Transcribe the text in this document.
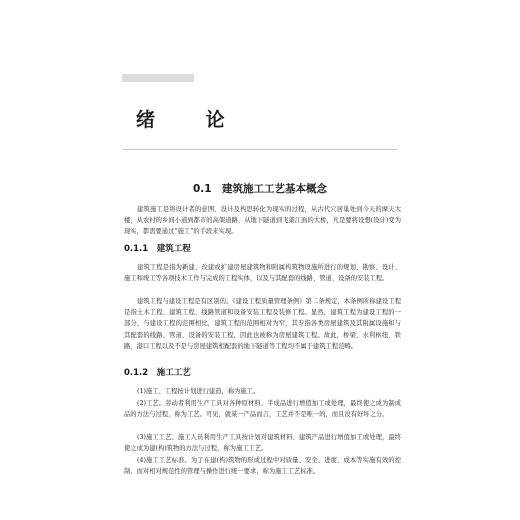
绪 论
0.1　建筑施工工艺基本概念

建筑施工是将设计者的意图、设计及构思转化为现实的过程，从古代穴居巢处到今天的摩天大楼，从农村的乡间小道到都市的高架道路，从地下隧道到飞架江面的大桥，凡是要将设想(设计)变为现实，都需要通过“施工”的手段来实现。

0.1.1　建筑工程

建筑工程是指为新建、改建或扩建房屋建筑物和附属构筑物设施所进行的规划、勘察、设计、施工和竣工等各项技术工作与完成的工程实体，以及与其配套的线路、管道、设备的安装工程。

建筑工程与建设工程是有区别的。《建设工程质量管理条例》第二条规定，本条例所称建设工程是指土木工程、建筑工程、线路管道和设备安装工程及装修工程。显然，建筑工程为建设工程的一部分，与建设工程的范围相比，建筑工程的范围相对为窄，其专指各类房屋建筑及其附属设施和与其配套的线路、管道、设备的安装工程，因此也被称为房屋建筑工程。故此，桥梁、水利枢纽、铁路、港口工程以及不是与房屋建筑相配套的地下隧道等工程均不属于建筑工程范畴。

0.1.2　施工工艺

(1)施工、工程按计划进行建造，称为施工。

(2)工艺。劳动者利用生产工具对各种原材料、半成品进行增值加工或处理，最终使之成为制成品的方法与过程，称为工艺。可见，就某一产品而言，工艺并不是唯一的，而且没有好坏之分。

(3)施工工艺。施工人员利用生产工具按计划对建筑材料、建筑产品进行增值加工或处理，最终使之成为建(构)筑物的方法与过程，称为施工工艺。

(4)施工工艺标准。为了在建(构)筑物的形成过程中对质量、安全、进度、成本等实施有效的控制，而对相对规范性的管理与操作进行统一要求，称为施工工艺标准。
